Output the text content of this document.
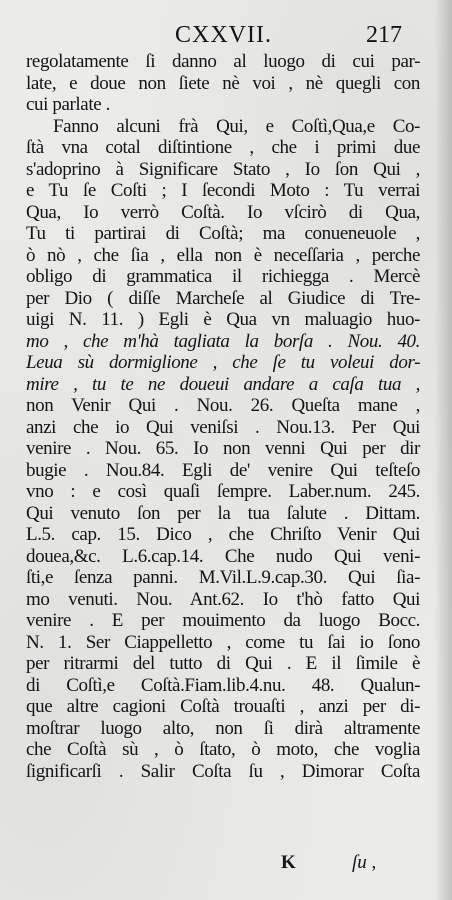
CXXVII.	217
regolatamente ſi danno al luogo di cui par-
late, e doue non ſiete nè voi , nè quegli con
cui parlate .
Fanno alcuni frà Qui, e Coſtì,Qua,e Co-
ſtà vna cotal diſtintione , che i primi due
s'adoprino à Significare Stato , Io ſon Qui ,
e Tu ſe Coſti ; I ſecondi Moto : Tu verrai
Qua, Io verrò Coſtà. Io vſcirò di Qua,
Tu ti partirai di Coſtà; ma conueneuole ,
ò nò , che ſia , ella non è neceſſaria , perche
obligo di grammatica il richiegga . Mercè
per Dio ( diſſe Marcheſe al Giudice di Tre-
uigi N. 11. ) Egli è Qua vn maluagio huo-
mo , che m'hà tagliata la borſa . Nou. 40.
Leua sù dormiglione , che ſe tu voleui dor-
mire , tu te ne doueui andare a caſa tua ,
non Venir Qui . Nou. 26. Queſta mane ,
anzi che io Qui veniſsi . Nou.13. Per Qui
venire . Nou. 65. Io non venni Qui per dir
bugie . Nou.84. Egli de' venire Qui teſteſo
vno : e così quaſi ſempre. Laber.num. 245.
Qui venuto ſon per la tua ſalute . Dittam.
L.5. cap. 15. Dico , che Chriſto Venir Qui
douea,&c. L.6.cap.14. Che nudo Qui veni-
ſti,e ſenza panni. M.Vil.L.9.cap.30. Qui ſia-
mo venuti. Nou. Ant.62. Io t'hò fatto Qui
venire . E per mouimento da luogo Bocc.
N. 1. Ser Ciappelletto , come tu ſai io ſono
per ritrarmi del tutto di Qui . E il ſimile è
di Coſtì,e Coſtà.Fiam.lib.4.nu. 48. Qualun-
que altre cagioni Coſtà trouaſti , anzi per di-
moſtrar luogo alto, non ſi dirà altramente
che Coſtà sù , ò ſtato, ò moto, che voglia
ſignificarſi . Salir Coſta ſu , Dimorar Coſta
K	ſu ,
